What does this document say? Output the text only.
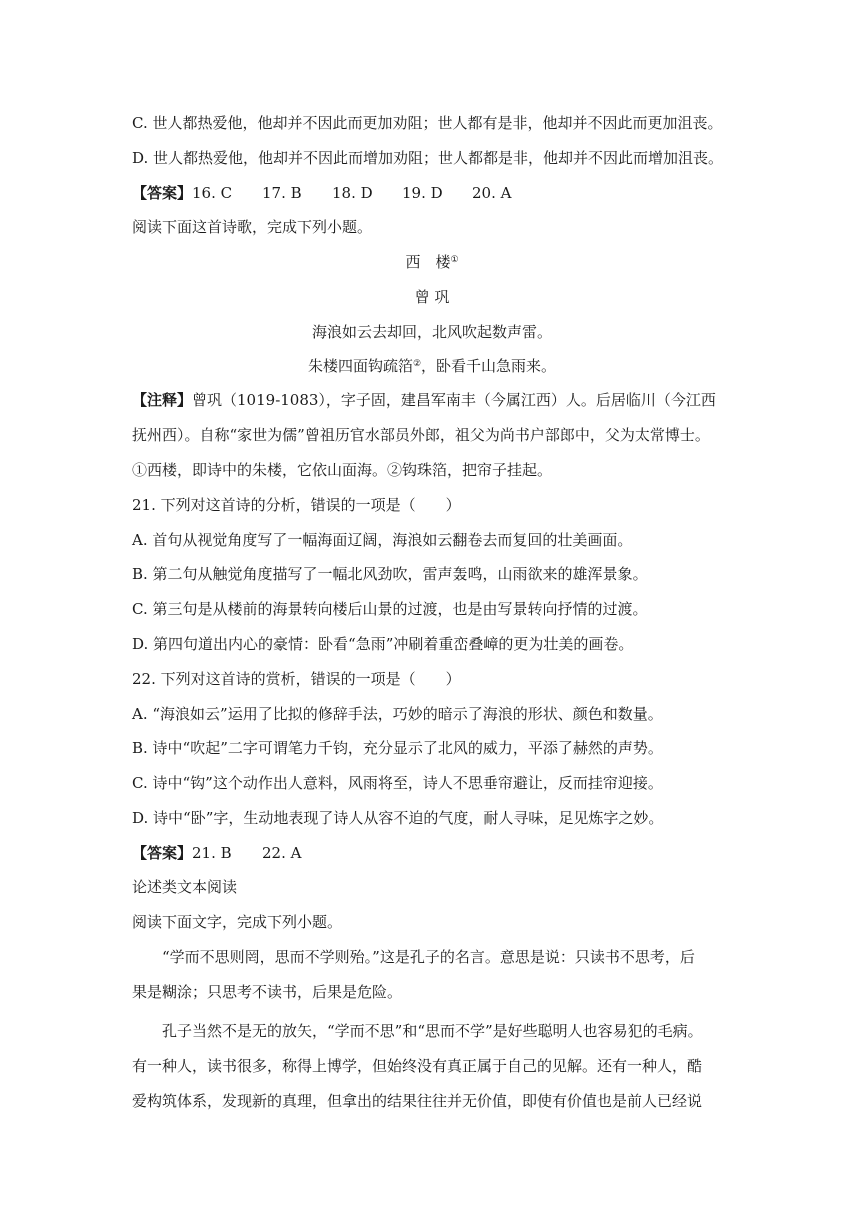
C. 世人都热爱他，他却并不因此而更加劝阻；世人都有是非，他却并不因此而更加沮丧。
D. 世人都热爱他，他却并不因此而增加劝阻；世人都都是非，他却并不因此而增加沮丧。
【答案】16. C 17. B 18. D 19. D 20. A
阅读下面这首诗歌，完成下列小题。
西　楼①
曾 巩
海浪如云去却回，北风吹起数声雷。
朱楼四面钩疏箔②，卧看千山急雨来。
【注释】曾巩（1019-1083），字子固，建昌军南丰（今属江西）人。后居临川（今江西
抚州西）。自称“家世为儒”曾祖历官水部员外郎，祖父为尚书户部郎中，父为太常博士。
①西楼，即诗中的朱楼，它依山面海。②钩珠箔，把帘子挂起。
21. 下列对这首诗的分析，错误的一项是（　　）
A. 首句从视觉角度写了一幅海面辽阔，海浪如云翻卷去而复回的壮美画面。
B. 第二句从触觉角度描写了一幅北风劲吹，雷声轰鸣，山雨欲来的雄浑景象。
C. 第三句是从楼前的海景转向楼后山景的过渡，也是由写景转向抒情的过渡。
D. 第四句道出内心的豪情：卧看“急雨”冲刷着重峦叠嶂的更为壮美的画卷。
22. 下列对这首诗的赏析，错误的一项是（　　）
A. “海浪如云”运用了比拟的修辞手法，巧妙的暗示了海浪的形状、颜色和数量。
B. 诗中“吹起”二字可谓笔力千钧，充分显示了北风的威力，平添了赫然的声势。
C. 诗中“钩”这个动作出人意料，风雨将至，诗人不思垂帘避让，反而挂帘迎接。
D. 诗中“卧”字，生动地表现了诗人从容不迫的气度，耐人寻味，足见炼字之妙。
【答案】21. B 22. A
论述类文本阅读
阅读下面文字，完成下列小题。
“学而不思则罔，思而不学则殆。”这是孔子的名言。意思是说：只读书不思考，后
果是糊涂；只思考不读书，后果是危险。
孔子当然不是无的放矢，“学而不思”和“思而不学”是好些聪明人也容易犯的毛病。
有一种人，读书很多，称得上博学，但始终没有真正属于自己的见解。还有一种人，酷
爱构筑体系，发现新的真理，但拿出的结果往往并无价值，即使有价值也是前人已经说
